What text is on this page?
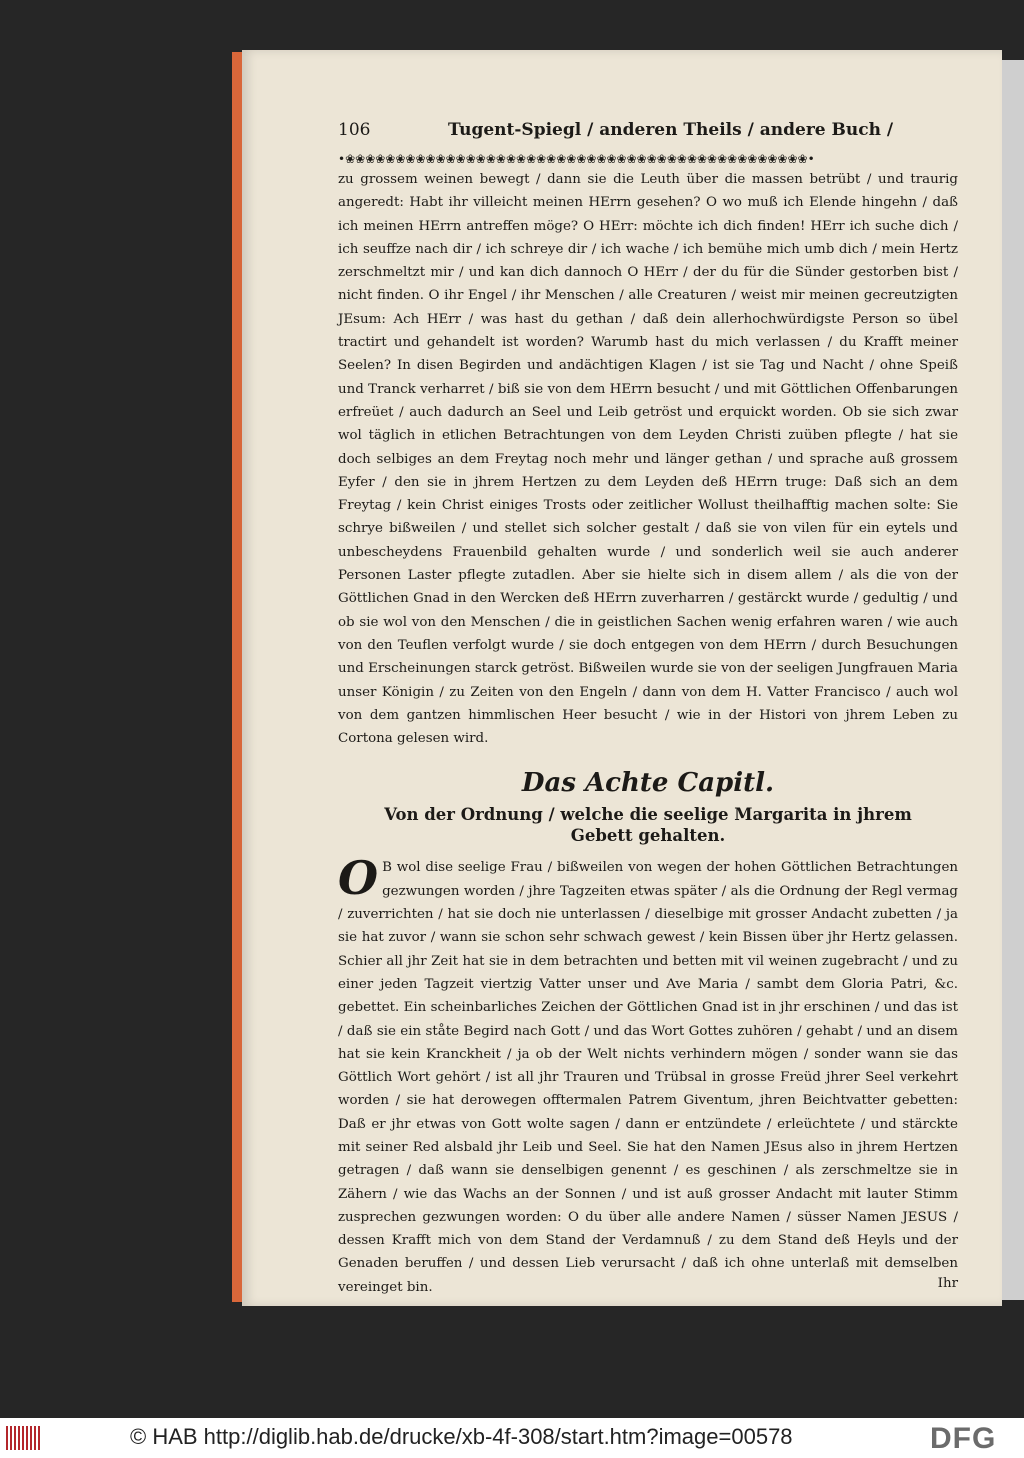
106	Tugent-Spiegl / anderen Theils / andere Buch /
•❀❀❀❀❀❀❀❀❀❀❀❀❀❀❀❀❀❀❀❀❀❀❀❀❀❀❀❀❀❀❀❀❀❀❀❀❀❀❀❀❀❀❀❀❀❀•

zu grossem weinen bewegt / dann sie die Leuth über die massen betrübt / und traurig angeredt: Habt ihr villeicht meinen HErrn gesehen? O wo muß ich Elende hingehn / daß ich meinen HErrn antreffen möge? O HErr: möchte ich dich finden! HErr ich suche dich / ich seuffze nach dir / ich schreye dir / ich wache / ich bemühe mich umb dich / mein Hertz zerschmeltzt mir / und kan dich dannoch O HErr / der du für die Sünder gestorben bist / nicht finden. O ihr Engel / ihr Menschen / alle Creaturen / weist mir meinen gecreutzigten JEsum: Ach HErr / was hast du gethan / daß dein allerhochwürdigste Person so übel tractirt und gehandelt ist worden? Warumb hast du mich verlassen / du Krafft meiner Seelen? In disen Begirden und andächtigen Klagen / ist sie Tag und Nacht / ohne Speiß und Tranck verharret / biß sie von dem HErrn besucht / und mit Göttlichen Offenbarungen erfreüet / auch dadurch an Seel und Leib getröst und erquickt worden. Ob sie sich zwar wol täglich in etlichen Betrachtungen von dem Leyden Christi zuüben pflegte / hat sie doch selbiges an dem Freytag noch mehr und länger gethan / und sprache auß grossem Eyfer / den sie in jhrem Hertzen zu dem Leyden deß HErrn truge: Daß sich an dem Freytag / kein Christ einiges Trosts oder zeitlicher Wollust theilhafftig machen solte: Sie schrye bißweilen / und stellet sich solcher gestalt / daß sie von vilen für ein eytels und unbescheydens Frauenbild gehalten wurde / und sonderlich weil sie auch anderer Personen Laster pflegte zutadlen. Aber sie hielte sich in disem allem / als die von der Göttlichen Gnad in den Wercken deß HErrn zuverharren / gestärckt wurde / gedultig / und ob sie wol von den Menschen / die in geistlichen Sachen wenig erfahren waren / wie auch von den Teuflen verfolgt wurde / sie doch entgegen von dem HErrn / durch Besuchungen und Erscheinungen starck getröst. Bißweilen wurde sie von der seeligen Jungfrauen Maria unser Königin / zu Zeiten von den Engeln / dann von dem H. Vatter Francisco / auch wol von dem gantzen himmlischen Heer besucht / wie in der Histori von jhrem Leben zu Cortona gelesen wird.

Das Achte Capitl.
Von der Ordnung / welche die seelige Margarita in jhrem
Gebett gehalten.

O B wol dise seelige Frau / bißweilen von wegen der hohen Göttlichen Betrachtungen gezwungen worden / jhre Tagzeiten etwas später / als die Ordnung der Regl vermag / zuverrichten / hat sie doch nie unterlassen / dieselbige mit grosser Andacht zubetten / ja sie hat zuvor / wann sie schon sehr schwach gewest / kein Bissen über jhr Hertz gelassen. Schier all jhr Zeit hat sie in dem betrachten und betten mit vil weinen zugebracht / und zu einer jeden Tagzeit viertzig Vatter unser und Ave Maria / sambt dem Gloria Patri, &c. gebettet. Ein scheinbarliches Zeichen der Göttlichen Gnad ist in jhr erschinen / und das ist / daß sie ein ståte Begird nach Gott / und das Wort Gottes zuhören / gehabt / und an disem hat sie kein Kranckheit / ja ob der Welt nichts verhindern mögen / sonder wann sie das Göttlich Wort gehört / ist all jhr Trauren und Trübsal in grosse Freüd jhrer Seel verkehrt worden / sie hat derowegen offtermalen Patrem Giventum, jhren Beichtvatter gebetten: Daß er jhr etwas von Gott wolte sagen / dann er entzündete / erleüchtete / und stärckte mit seiner Red alsbald jhr Leib und Seel. Sie hat den Namen JEsus also in jhrem Hertzen getragen / daß wann sie denselbigen genennt / es geschinen / als zerschmeltze sie in Zähern / wie das Wachs an der Sonnen / und ist auß grosser Andacht mit lauter Stimm zusprechen gezwungen worden: O du über alle andere Namen / süsser Namen JESUS / dessen Krafft mich von dem Stand der Verdamnuß / zu dem Stand deß Heyls und der Genaden beruffen / und dessen Lieb verursacht / daß ich ohne unterlaß mit demselben vereinget bin.	Ihr
© HAB http://diglib.hab.de/drucke/xb-4f-308/start.htm?image=00578	DFG
